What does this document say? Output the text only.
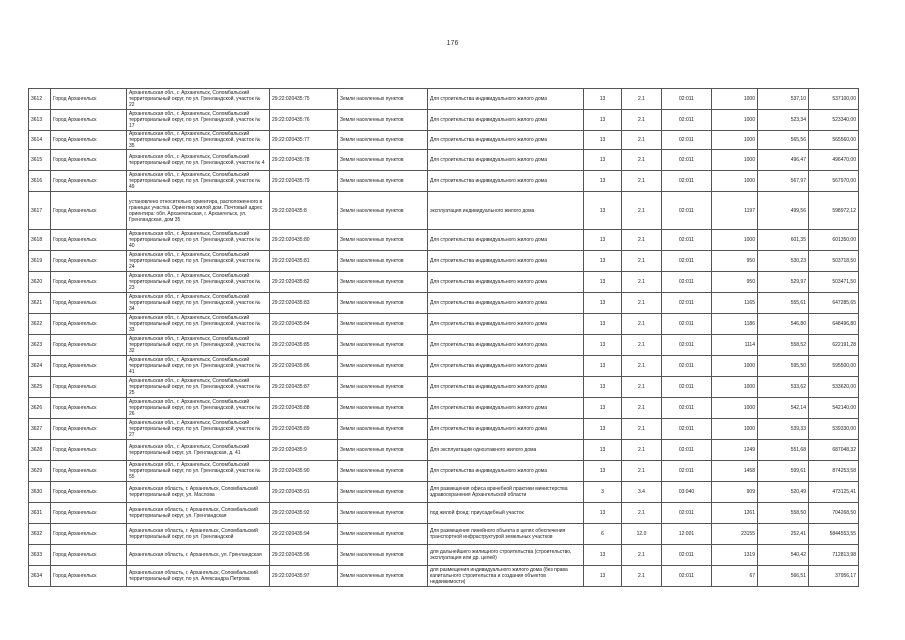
176
3612	Город Архангельск	Архангельская обл., г. Архангельск, Соломбальский территориальный округ, по ул. Гренландской, участок № 22	29:22:020435:75	Земли населенных пунктов	Для строительства индивидуального жилого дома	13	2.1	02:011	1000	537,10	537100,00
3613	Город Архангельск	Архангельская обл., г. Архангельск, Соломбальский территориальный округ, по ул. Гренландской, участок № 17	29:22:020435:76	Земли населенных пунктов	Для строительства индивидуального жилого дома	13	2.1	02:011	1000	523,34	523340,00
3614	Город Архангельск	Архангельская обл., г. Архангельск, Соломбальский территориальный округ, по ул. Гренландской, участок № 35	29:22:020435:77	Земли населенных пунктов	Для строительства индивидуального жилого дома	13	2.1	02:011	1000	565,56	565560,00
3615	Город Архангельск	Архангельская обл., г. Архангельск, Соломбальский территориальный округ, по ул. Гренландской, участок № 4	29:22:020435:78	Земли населенных пунктов	Для строительства индивидуального жилого дома	13	2.1	02:011	1000	496,47	496470,00
3616	Город Архангельск	Архангельская обл., г. Архангельск, Соломбальский территориальный округ, по ул. Гренландской, участок № 49	29:22:020435:79	Земли населенных пунктов	Для строительства индивидуального жилого дома	13	2.1	02:011	1000	567,97	567970,00
3617	Город Архангельск	установлено относительно ориентира, расположенного в границах участка. Ориентир жилой дом. Почтовый адрес ориентира: обл. Архангельская, г. Архангельск, ул. Гренландская, дом 35	29:22:020435:8	Земли населенных пунктов	эксплуатация индивидуального жилого дома	13	2.1	02:011	1197	499,56	598972,12
3618	Город Архангельск	Архангельская обл., г. Архангельск, Соломбальский территориальный округ, по ул. Гренландской, участок № 40	29:22:020435:80	Земли населенных пунктов	Для строительства индивидуального жилого дома	13	2.1	02:011	1000	601,35	601350,00
3619	Город Архангельск	Архангельская обл., г. Архангельск, Соломбальский территориальный округ, по ул. Гренландской, участок № 24	29:22:020435:81	Земли населенных пунктов	Для строительства индивидуального жилого дома	13	2.1	02:011	950	530,23	503718,50
3620	Город Архангельск	Архангельская обл., г. Архангельск, Соломбальский территориальный округ, по ул. Гренландской, участок № 23	29:22:020435:82	Земли населенных пунктов	Для строительства индивидуального жилого дома	13	2.1	02:011	950	529,97	503471,50
3621	Город Архангельск	Архангельская обл., г. Архангельск, Соломбальский территориальный округ, по ул. Гренландской, участок № 34	29:22:020435:83	Земли населенных пунктов	Для строительства индивидуального жилого дома	13	2.1	02:011	1165	555,61	647285,65
3622	Город Архангельск	Архангельская обл., г. Архангельск, Соломбальский территориальный округ, по ул. Гренландской, участок № 33	29:22:020435:84	Земли населенных пунктов	Для строительства индивидуального жилого дома	13	2.1	02:011	1186	546,80	648496,80
3623	Город Архангельск	Архангельская обл., г. Архангельск, Соломбальский территориальный округ, по ул. Гренландской, участок № 32	29:22:020435:85	Земли населенных пунктов	Для строительства индивидуального жилого дома	13	2.1	02:011	1114	558,52	622191,28
3624	Город Архангельск	Архангельская обл., г. Архангельск, Соломбальский территориальный округ, по ул. Гренландской, участок № 41	29:22:020435:86	Земли населенных пунктов	Для строительства индивидуального жилого дома	13	2.1	02:011	1000	595,50	595500,00
3625	Город Архангельск	Архангельская обл., г. Архангельск, Соломбальский территориальный округ, по ул. Гренландской, участок № 25	29:22:020435:87	Земли населенных пунктов	Для строительства индивидуального жилого дома	13	2.1	02:011	1000	533,62	533620,00
3626	Город Архангельск	Архангельская обл., г. Архангельск, Соломбальский территориальный округ, по ул. Гренландской, участок № 26	29:22:020435:88	Земли населенных пунктов	Для строительства индивидуального жилого дома	13	2.1	02:011	1000	542,14	542140,00
3627	Город Архангельск	Архангельская обл., г. Архангельск, Соломбальский территориальный округ, по ул. Гренландской, участок № 27	29:22:020435:89	Земли населенных пунктов	Для строительства индивидуального жилого дома	13	2.1	02:011	1000	539,33	539330,00
3628	Город Архангельск	Архангельская обл., г. Архангельск, Соломбальский территориальный округ, ул. Гренландская, д. 41	29:22:020435:9	Земли населенных пунктов	Для эксплуатации одноэтажного жилого дома	13	2.1	02:011	1249	551,68	687048,32
3629	Город Архангельск	Архангельская обл., г. Архангельск, Соломбальский территориальный округ, по ул. Гренландской, участок № 55	29:22:020435:90	Земли населенных пунктов	Для строительства индивидуального жилого дома	13	2.1	02:011	1458	599,61	874253,58
3630	Город Архангельск	Архангельская область, г. Архангельск, Соломбальский территориальный округ, ул. Маслова	29:22:020435:91	Земли населенных пунктов	Для размещения офиса врачебной практики министерства здравоохранения Архангельской области	3	3.4	03:040	909	520,49	473125,41
3631	Город Архангельск	Архангельская область, г. Архангельск, Соломбальский территориальный округ, ул. Гренландская	29:22:020435:92	Земли населенных пунктов	под жилой фонд: приусадебный участок	13	2.1	02:011	1261	558,50	704268,50
3632	Город Архангельск	Архангельская область, г. Архангельск, Соломбальский территориальный округ, по ул. Гренландской	29:22:020435:94	Земли населенных пунктов	Для размещения линейного объекта в целях обеспечения транспортной инфраструктурой земельных участков	6	12.0	12:001	23155	252,41	5844553,55
3633	Город Архангельск	Архангельская область, г. Архангельск, ул. Гренландская	29:22:020435:96	Земли населенных пунктов	для дальнейшего жилищного строительства (строительство, эксплуатация или др. целей)	13	2.1	02:011	1319	540,42	712813,98
3634	Город Архангельск	Архангельская область, г. Архангельск, Соломбальский территориальный округ, по ул. Александра Петрова	29:22:020435:97	Земли населенных пунктов	для размещения индивидуального жилого дома (без права капитального строительства и создания объектов недвижимости)	13	2.1	02:011	67	566,51	37956,17
